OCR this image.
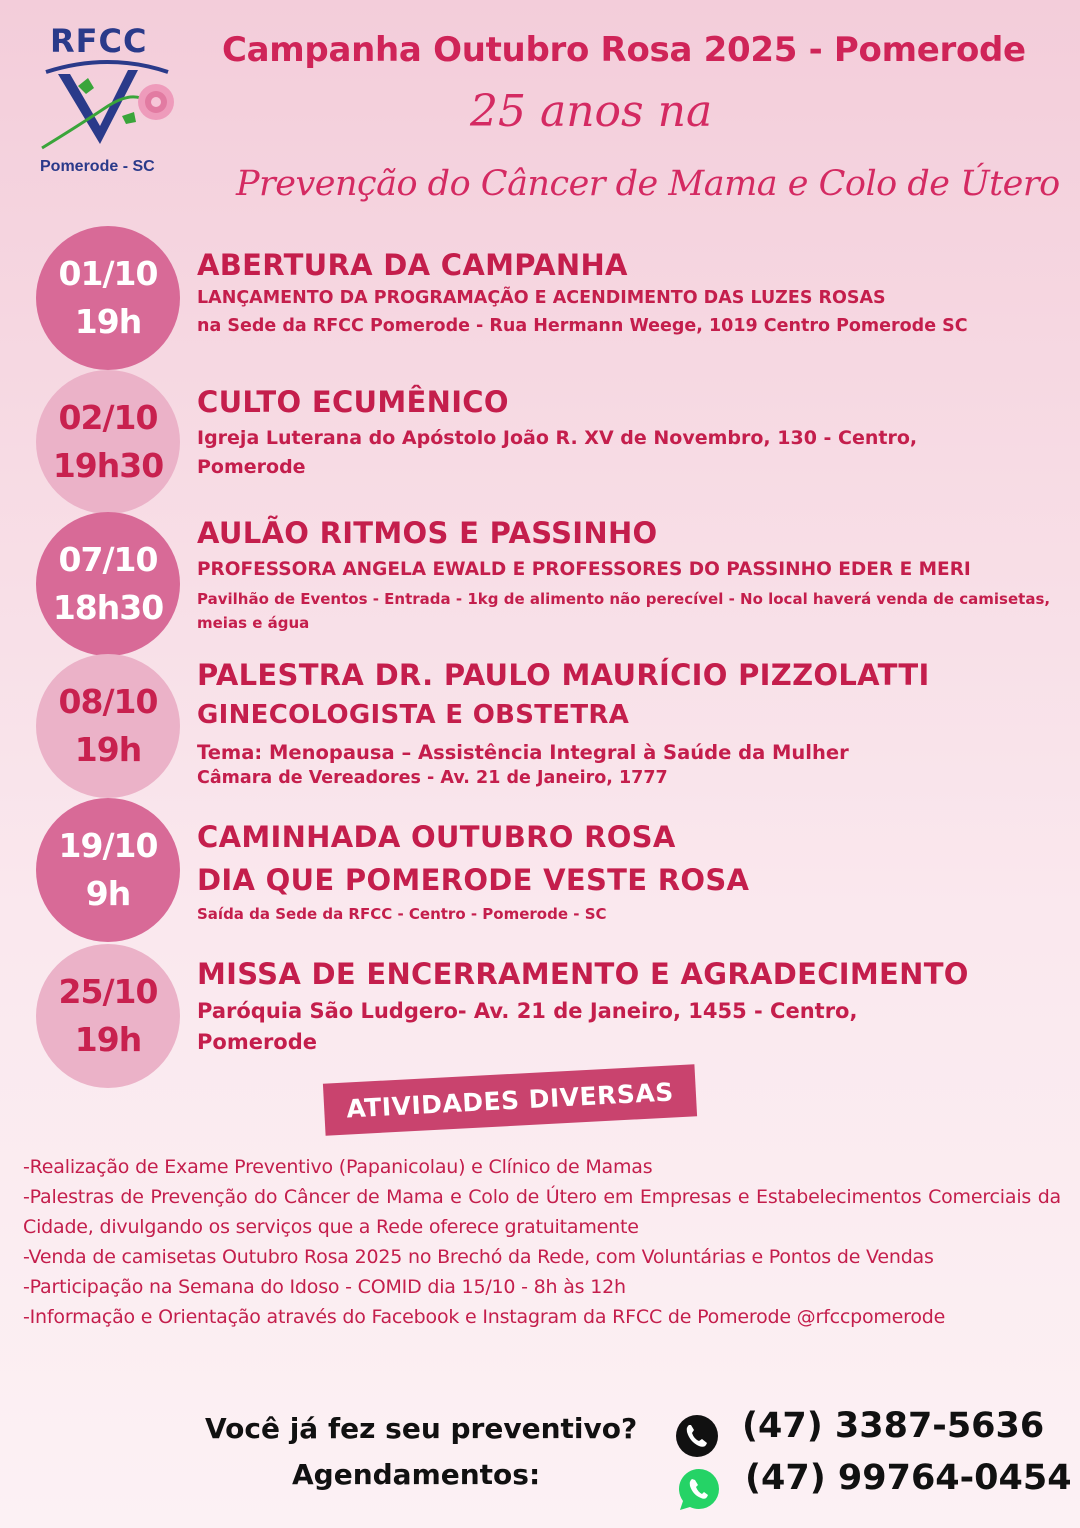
RFCC
Pomerode - SC
Campanha Outubro Rosa 2025 - Pomerode
25 anos na
Prevenção do Câncer de Mama e Colo de Útero
01/10
19h
ABERTURA DA CAMPANHA
LANÇAMENTO DA PROGRAMAÇÃO E ACENDIMENTO DAS LUZES ROSAS
na Sede da RFCC Pomerode - Rua Hermann Weege, 1019 Centro Pomerode SC
02/10
19h30
CULTO ECUMÊNICO
Igreja Luterana do Apóstolo João R. XV de Novembro, 130 - Centro, Pomerode
07/10
18h30
AULÃO RITMOS E PASSINHO
PROFESSORA ANGELA EWALD E PROFESSORES DO PASSINHO EDER E MERI
Pavilhão de Eventos - Entrada - 1kg de alimento não perecível - No local haverá venda de camisetas, meias e água
08/10
19h
PALESTRA DR. PAULO MAURÍCIO PIZZOLATTI
GINECOLOGISTA E OBSTETRA
Tema: Menopausa – Assistência Integral à Saúde da Mulher
Câmara de Vereadores - Av. 21 de Janeiro, 1777
19/10
9h
CAMINHADA OUTUBRO ROSA
DIA QUE POMERODE VESTE ROSA
Saída da Sede da RFCC - Centro - Pomerode - SC
25/10
19h
MISSA DE ENCERRAMENTO E AGRADECIMENTO
Paróquia São Ludgero- Av. 21 de Janeiro, 1455 - Centro, Pomerode
ATIVIDADES DIVERSAS
-Realização de Exame Preventivo (Papanicolau) e Clínico de Mamas
-Palestras de Prevenção do Câncer de Mama e Colo de Útero em Empresas e Estabelecimentos Comerciais da Cidade, divulgando os serviços que a Rede oferece gratuitamente
-Venda de camisetas Outubro Rosa 2025 no Brechó da Rede, com Voluntárias e Pontos de Vendas
-Participação na Semana do Idoso - COMID dia 15/10 - 8h às 12h
-Informação e Orientação através do Facebook e Instagram da RFCC de Pomerode @rfccpomerode
Você já fez seu preventivo?
Agendamentos:
(47) 3387-5636
(47) 99764-0454
